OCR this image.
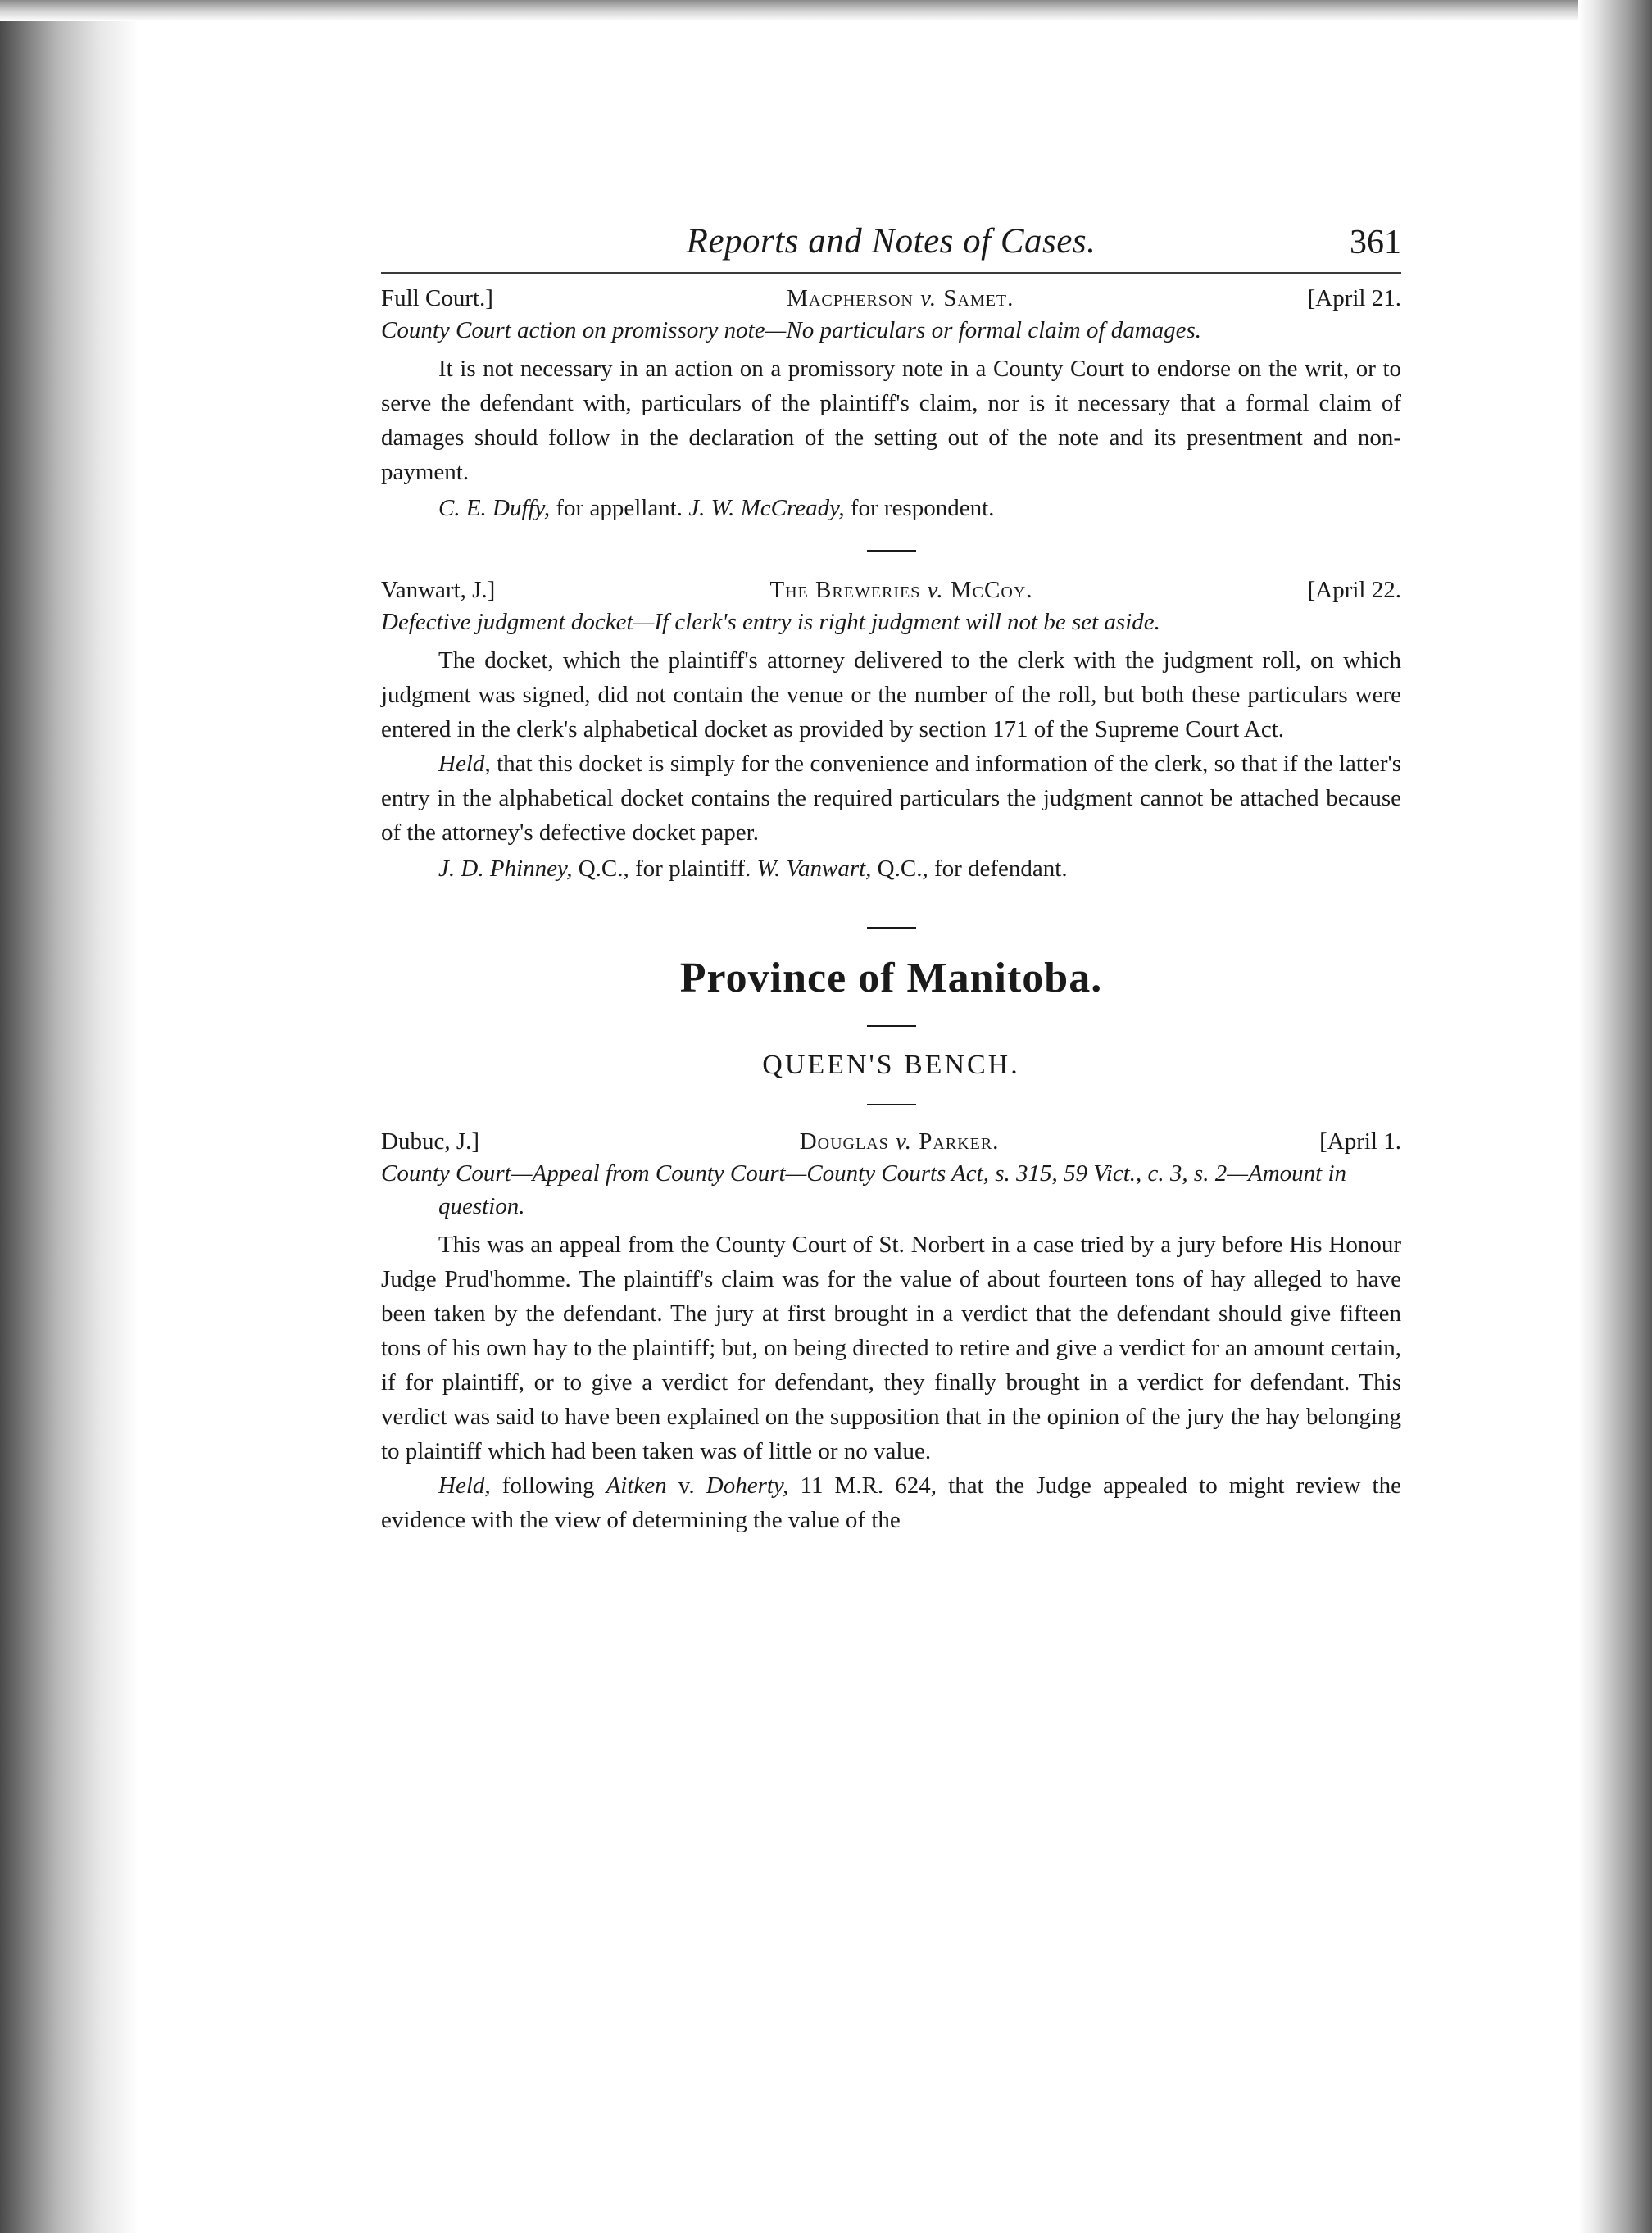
Reports and Notes of Cases.	361
Full Court.]	Macpherson v. Samet.	[April 21.
County Court action on promissory note—No particulars or formal claim of damages.

It is not necessary in an action on a promissory note in a County Court to endorse on the writ, or to serve the defendant with, particulars of the plaintiff's claim, nor is it necessary that a formal claim of damages should follow in the declaration of the setting out of the note and its presentment and non-payment.

C. E. Duffy, for appellant. J. W. McCready, for respondent.
Vanwart, J.]	The Breweries v. McCoy.	[April 22.
Defective judgment docket—If clerk's entry is right judgment will not be set aside.

The docket, which the plaintiff's attorney delivered to the clerk with the judgment roll, on which judgment was signed, did not contain the venue or the number of the roll, but both these particulars were entered in the clerk's alphabetical docket as provided by section 171 of the Supreme Court Act.

Held, that this docket is simply for the convenience and information of the clerk, so that if the latter's entry in the alphabetical docket contains the required particulars the judgment cannot be attached because of the attorney's defective docket paper.

J. D. Phinney, Q.C., for plaintiff. W. Vanwart, Q.C., for defendant.
Province of Manitoba.
QUEEN'S BENCH.
Dubuc, J.]	Douglas v. Parker.	[April 1.
County Court—Appeal from County Court—County Courts Act, s. 315, 59 Vict., c. 3, s. 2—Amount in question.

This was an appeal from the County Court of St. Norbert in a case tried by a jury before His Honour Judge Prud'homme. The plaintiff's claim was for the value of about fourteen tons of hay alleged to have been taken by the defendant. The jury at first brought in a verdict that the defendant should give fifteen tons of his own hay to the plaintiff; but, on being directed to retire and give a verdict for an amount certain, if for plaintiff, or to give a verdict for defendant, they finally brought in a verdict for defendant. This verdict was said to have been explained on the supposition that in the opinion of the jury the hay belonging to plaintiff which had been taken was of little or no value.

Held, following Aitken v. Doherty, 11 M.R. 624, that the Judge appealed to might review the evidence with the view of determining the value of the
